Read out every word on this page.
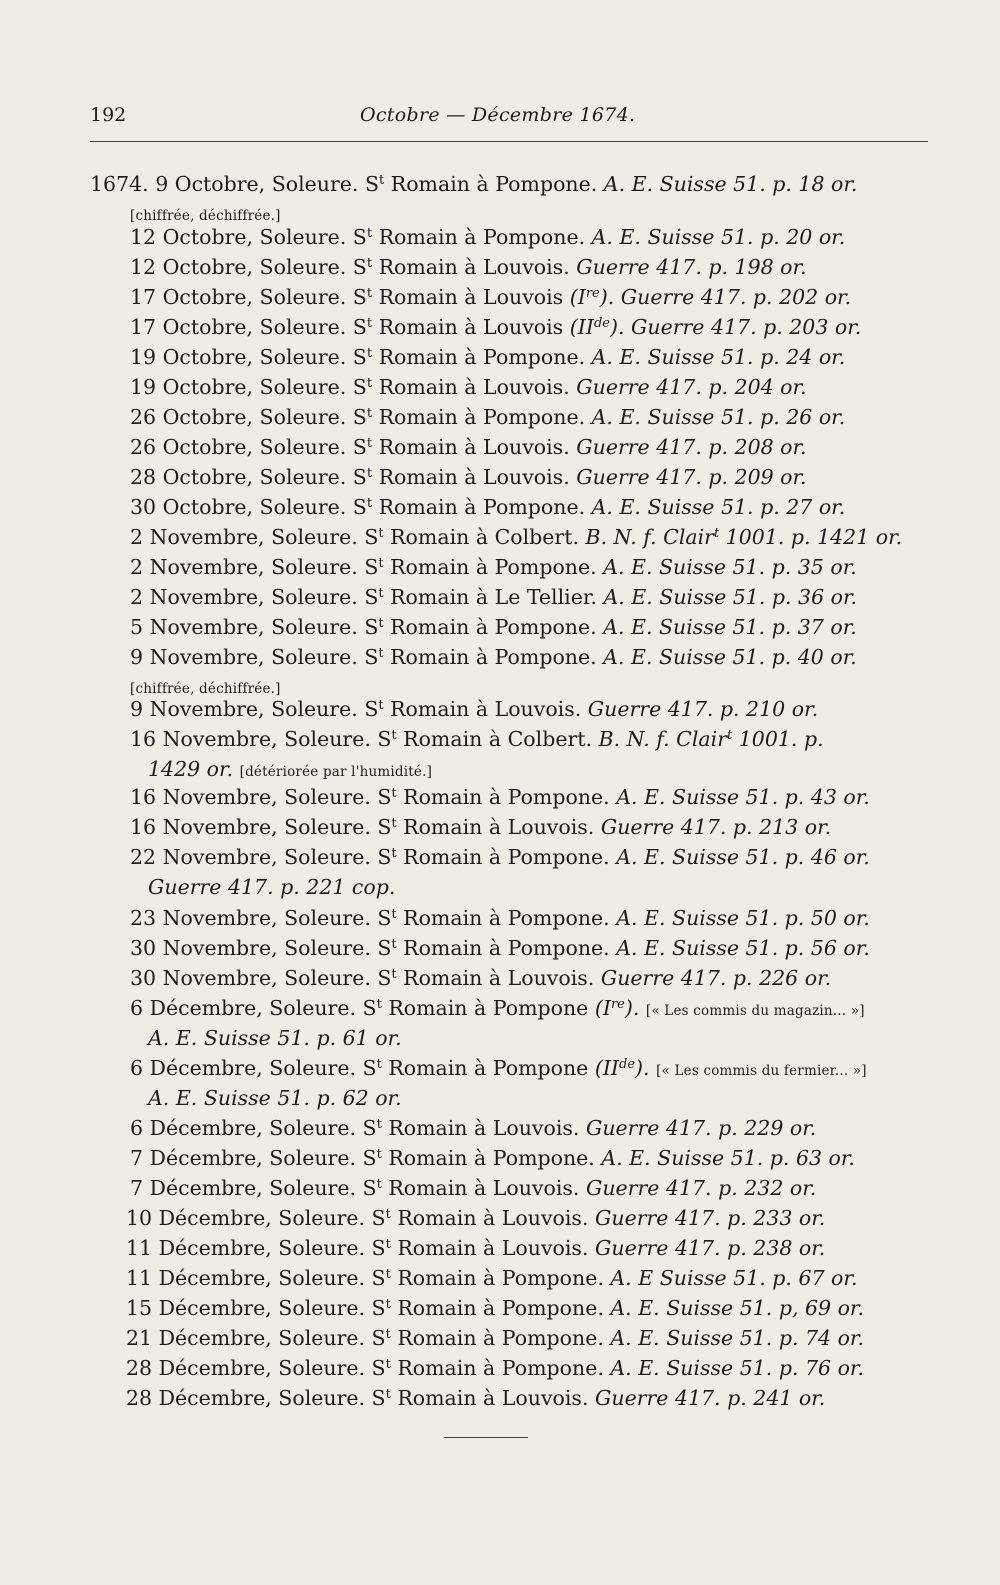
192	Octobre — Décembre 1674.
1674. 9 Octobre, Soleure. $S^t$ Romain à Pompone. A. E. Suisse 51. p. 18 or.
[chiffrée, déchiffrée.]
12 Octobre, Soleure. $S^t$ Romain à Pompone. A. E. Suisse 51. p. 20 or.
12 Octobre, Soleure. $S^t$ Romain à Louvois. Guerre 417. p. 198 or.
17 Octobre, Soleure. $S^t$ Romain à Louvois (Ire). Guerre 417. p. 202 or.
17 Octobre, Soleure. $S^t$ Romain à Louvois (IIde). Guerre 417. p. 203 or.
19 Octobre, Soleure. $S^t$ Romain à Pompone. A. E. Suisse 51. p. 24 or.
19 Octobre, Soleure. $S^t$ Romain à Louvois. Guerre 417. p. 204 or.
26 Octobre, Soleure. $S^t$ Romain à Pompone. A. E. Suisse 51. p. 26 or.
26 Octobre, Soleure. $S^t$ Romain à Louvois. Guerre 417. p. 208 or.
28 Octobre, Soleure. $S^t$ Romain à Louvois. Guerre 417. p. 209 or.
30 Octobre, Soleure. $S^t$ Romain à Pompone. A. E. Suisse 51. p. 27 or.
2 Novembre, Soleure. $S^t$ Romain à Colbert. B. N. f. Clair$^t$ 1001. p. 1421 or.
2 Novembre, Soleure. $S^t$ Romain à Pompone. A. E. Suisse 51. p. 35 or.
2 Novembre, Soleure. $S^t$ Romain à Le Tellier. A. E. Suisse 51. p. 36 or.
5 Novembre, Soleure. $S^t$ Romain à Pompone. A. E. Suisse 51. p. 37 or.
9 Novembre, Soleure. $S^t$ Romain à Pompone. A. E. Suisse 51. p. 40 or.
[chiffrée, déchiffrée.]
9 Novembre, Soleure. $S^t$ Romain à Louvois. Guerre 417. p. 210 or.
16 Novembre, Soleure. $S^t$ Romain à Colbert. B. N. f. Clair$^t$ 1001. p.
1429 or. [détériorée par l'humidité.]
16 Novembre, Soleure. $S^t$ Romain à Pompone. A. E. Suisse 51. p. 43 or.
16 Novembre, Soleure. $S^t$ Romain à Louvois. Guerre 417. p. 213 or.
22 Novembre, Soleure. $S^t$ Romain à Pompone. A. E. Suisse 51. p. 46 or.
Guerre 417. p. 221 cop.
23 Novembre, Soleure. $S^t$ Romain à Pompone. A. E. Suisse 51. p. 50 or.
30 Novembre, Soleure. $S^t$ Romain à Pompone. A. E. Suisse 51. p. 56 or.
30 Novembre, Soleure. $S^t$ Romain à Louvois. Guerre 417. p. 226 or.
6 Décembre, Soleure. $S^t$ Romain à Pompone (Ire). [« Les commis du magazin... »]
A. E. Suisse 51. p. 61 or.
6 Décembre, Soleure. $S^t$ Romain à Pompone (IIde). [« Les commis du fermier... »]
A. E. Suisse 51. p. 62 or.
6 Décembre, Soleure. $S^t$ Romain à Louvois. Guerre 417. p. 229 or.
7 Décembre, Soleure. $S^t$ Romain à Pompone. A. E. Suisse 51. p. 63 or.
7 Décembre, Soleure. $S^t$ Romain à Louvois. Guerre 417. p. 232 or.
10 Décembre, Soleure. $S^t$ Romain à Louvois. Guerre 417. p. 233 or.
11 Décembre, Soleure. $S^t$ Romain à Louvois. Guerre 417. p. 238 or.
11 Décembre, Soleure. $S^t$ Romain à Pompone. A. E Suisse 51. p. 67 or.
15 Décembre, Soleure. $S^t$ Romain à Pompone. A. E. Suisse 51. p, 69 or.
21 Décembre, Soleure. $S^t$ Romain à Pompone. A. E. Suisse 51. p. 74 or.
28 Décembre, Soleure. $S^t$ Romain à Pompone. A. E. Suisse 51. p. 76 or.
28 Décembre, Soleure. $S^t$ Romain à Louvois. Guerre 417. p. 241 or.
